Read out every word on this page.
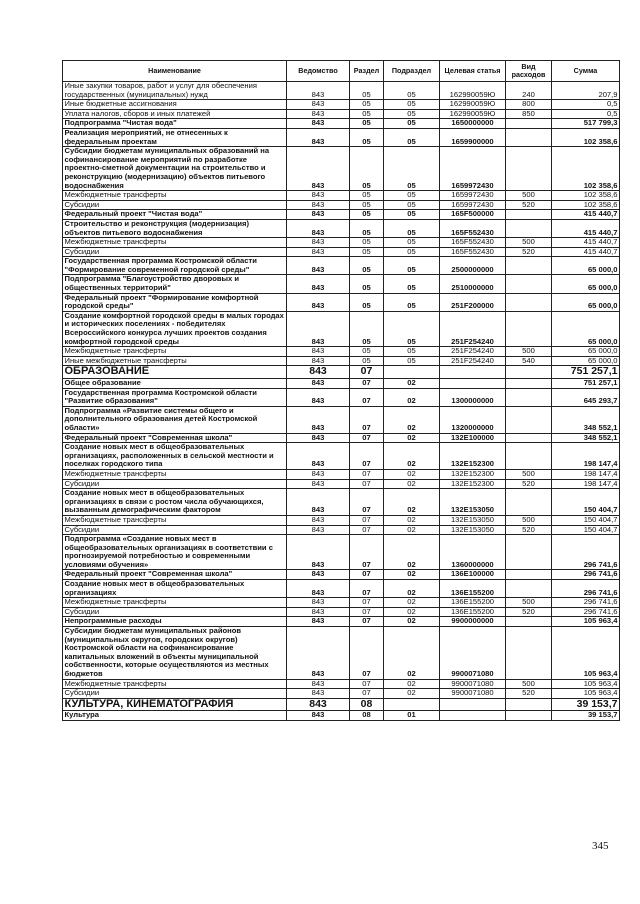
Наименование	Ведомство	Раздел	Подраздел	Целевая статья	Вид расходов	Сумма
Иные закупки товаров, работ и услуг для обеспечения государственных (муниципальных) нужд	843	05	05	162990059Ю	240	207,9
Иные бюджетные ассигнования	843	05	05	162990059Ю	800	0,5
Уплата налогов, сборов и иных платежей	843	05	05	162990059Ю	850	0,5
Подпрограмма "Чистая вода"	843	05	05	1650000000		517 799,3
Реализация мероприятий, не отнесенных к федеральным проектам	843	05	05	1659900000		102 358,6
Субсидии бюджетам муниципальных образований на софинансирование мероприятий по разработке проектно-сметной документации на строительство и реконструкцию (модернизацию) объектов питьевого водоснабжения	843	05	05	1659972430		102 358,6
Межбюджетные трансферты	843	05	05	1659972430	500	102 358,6
Субсидии	843	05	05	1659972430	520	102 358,6
Федеральный проект "Чистая вода"	843	05	05	165F500000		415 440,7
Строительство и реконструкция (модернизация) объектов питьевого водоснабжения	843	05	05	165F552430		415 440,7
Межбюджетные трансферты	843	05	05	165F552430	500	415 440,7
Субсидии	843	05	05	165F552430	520	415 440,7
Государственная программа Костромской области "Формирование современной городской среды"	843	05	05	2500000000		65 000,0
Подпрограмма "Благоустройство дворовых и общественных территорий"	843	05	05	2510000000		65 000,0
Федеральный проект "Формирование комфортной городской среды"	843	05	05	251F200000		65 000,0
Создание комфортной городской среды в малых городах и исторических поселениях - победителях Всероссийского конкурса лучших проектов создания комфортной городской среды	843	05	05	251F254240		65 000,0
Межбюджетные трансферты	843	05	05	251F254240	500	65 000,0
Иные межбюджетные трансферты	843	05	05	251F254240	540	65 000,0
ОБРАЗОВАНИЕ	843	07				751 257,1
Общее образование	843	07	02			751 257,1
Государственная программа Костромской области "Развитие образования"	843	07	02	1300000000		645 293,7
Подпрограмма «Развитие системы общего и дополнительного образования детей Костромской области»	843	07	02	1320000000		348 552,1
Федеральный проект "Современная школа"	843	07	02	132E100000		348 552,1
Создание новых мест в общеобразовательных организациях, расположенных в сельской местности и поселках городского типа	843	07	02	132E152300		198 147,4
Межбюджетные трансферты	843	07	02	132E152300	500	198 147,4
Субсидии	843	07	02	132E152300	520	198 147,4
Создание новых мест в общеобразовательных организациях в связи с ростом числа обучающихся, вызванным демографическим фактором	843	07	02	132E153050		150 404,7
Межбюджетные трансферты	843	07	02	132E153050	500	150 404,7
Субсидии	843	07	02	132E153050	520	150 404,7
Подпрограмма «Создание новых мест в общеобразовательных организациях в соответствии с прогнозируемой потребностью и современными условиями обучения»	843	07	02	1360000000		296 741,6
Федеральный проект "Современная школа"	843	07	02	136E100000		296 741,6
Создание новых мест в общеобразовательных организациях	843	07	02	136E155200		296 741,6
Межбюджетные трансферты	843	07	02	136E155200	500	296 741,6
Субсидии	843	07	02	136E155200	520	296 741,6
Непрограммные расходы	843	07	02	9900000000		105 963,4
Субсидии бюджетам муниципальных районов (муниципальных округов, городских округов) Костромской области на софинансирование капитальных вложений в объекты муниципальной собственности, которые осуществляются из местных бюджетов	843	07	02	9900071080		105 963,4
Межбюджетные трансферты	843	07	02	9900071080	500	105 963,4
Субсидии	843	07	02	9900071080	520	105 963,4
КУЛЬТУРА, КИНЕМАТОГРАФИЯ	843	08				39 153,7
Культура	843	08	01			39 153,7
345
